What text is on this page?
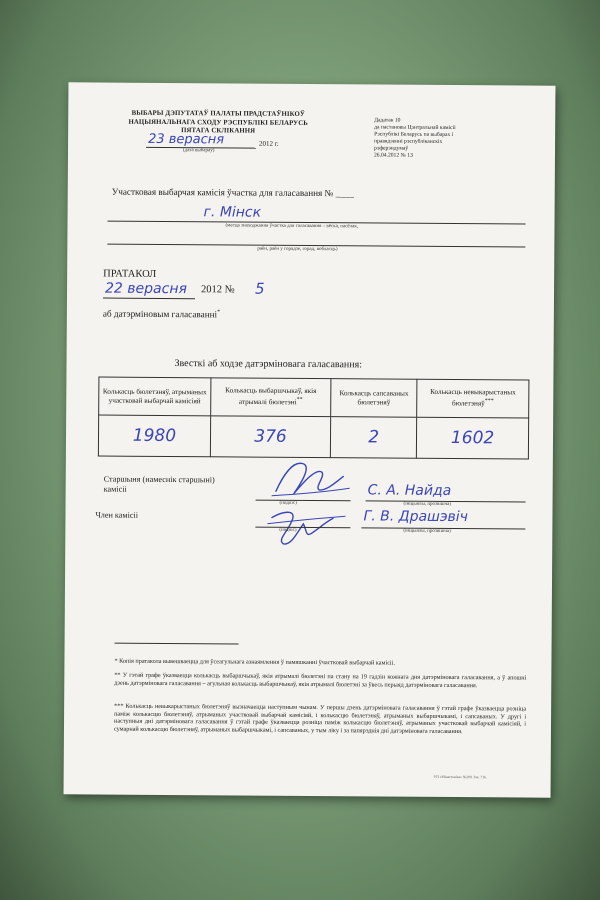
ВЫБАРЫ ДЭПУТАТАЎ ПАЛАТЫ ПРАДСТАЎНІКОЎ
НАЦЫЯНАЛЬНАГА СХОДУ РЭСПУБЛІКІ БЕЛАРУСЬ
ПЯТАГА СКЛІКАННЯ
23 верасня	2012 г.
(дата выбараў)
Дадатак 10
да пастановы Цэнтральнай камісіі
Рэспублікі Беларусь па выбарах і
правядзенні рэспубліканскіх
рэферэндумаў
26.04.2012 № 13
Участковая выбарчая камісія ўчастка для галасавання № ____
г. Мінск
(месца знаходжання ўчастка для галасавання – вёска, пасёлак,
раён, раён у горадзе, горад, вобласць)
ПРАТАКОЛ
22 верасня 2012 № 5
аб датэрміновым галасаванні*
Звесткі аб ходзе датэрміновага галасавання:
Колькасць бюлетэняў, атрыманых участковай выбарчай камісіяй	Колькасць выбаршчыкаў, якія атрымалі бюлетэні**	Колькасць сапсаваных бюлетэняў	Колькасць невыкарыстаных бюлетэняў***
1980	376	2	1602
Старшыня (намеснік старшыні)
камісіі
(подпіс)
С. А. Найда
(ініцыялы, прозвішча)
Член камісіі
(подпіс)
Г. В. Драшэвіч
(ініцыялы, прозвішча)
* Копія пратакола вывешваецца для ўсеагульнага азнаямлення ў памяшканні ўчастковай выбарчай камісіі.
** У гэтай графе ўказваецца колькасць выбаршчыкаў, якія атрымалі бюлетэні па стану на 19 гадзін кожнага дня датэрміновага галасавання, а ў апошні дзень датэрміновага галасавання – агульная колькасць выбаршчыкаў, якія атрымалі бюлетэні за ўвесь перыяд датэрміновага галасавання.
*** Колькасць невыкарыстаных бюлетэняў вызначаецца наступным чынам. У першы дзень датэрміновага галасавання ў гэтай графе ўказваецца розніца паміж колькасцю бюлетэняў, атрыманых участковай выбарчай камісіяй, і колькасцю бюлетэняў, атрыманых выбаршчыкамі, і сапсаваных. У другі і наступныя дні датэрміновага галасавання ў гэтай графе ўказваецца розніца паміж колькасцю бюлетэняў, атрыманых участковай выбарчай камісіяй, і сумарнай колькасцю бюлетэняў, атрыманых выбаршчыкамі, і сапсаваных, у тым ліку і за папярэднія дні датэрміновага галасавання.
УП «Мінатэхніка» №209. Зак. 716.
